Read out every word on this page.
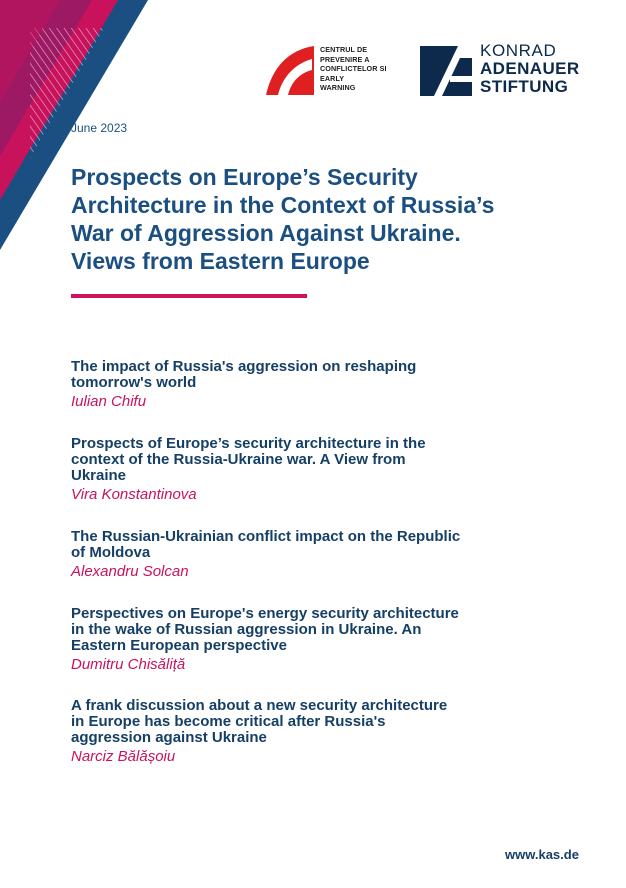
CENTRUL DE
PREVENIRE A
CONFLICTELOR SI
EARLY
WARNING
KONRAD
ADENAUER
STIFTUNG
June 2023
Prospects on Europe’s Security
Architecture in the Context of Russia’s
War of Aggression Against Ukraine.
Views from Eastern Europe
The impact of Russia's aggression on reshaping
tomorrow's world

Iulian Chifu

Prospects of Europe’s security architecture in the
context of the Russia-Ukraine war. A View from
Ukraine

Vira Konstantinova

The Russian-Ukrainian conflict impact on the Republic
of Moldova

Alexandru Solcan

Perspectives on Europe's energy security architecture
in the wake of Russian aggression in Ukraine. An
Eastern European perspective

Dumitru Chisăliță

A frank discussion about a new security architecture
in Europe has become critical after Russia's
aggression against Ukraine

Narciz Bălășoiu

www.kas.de
